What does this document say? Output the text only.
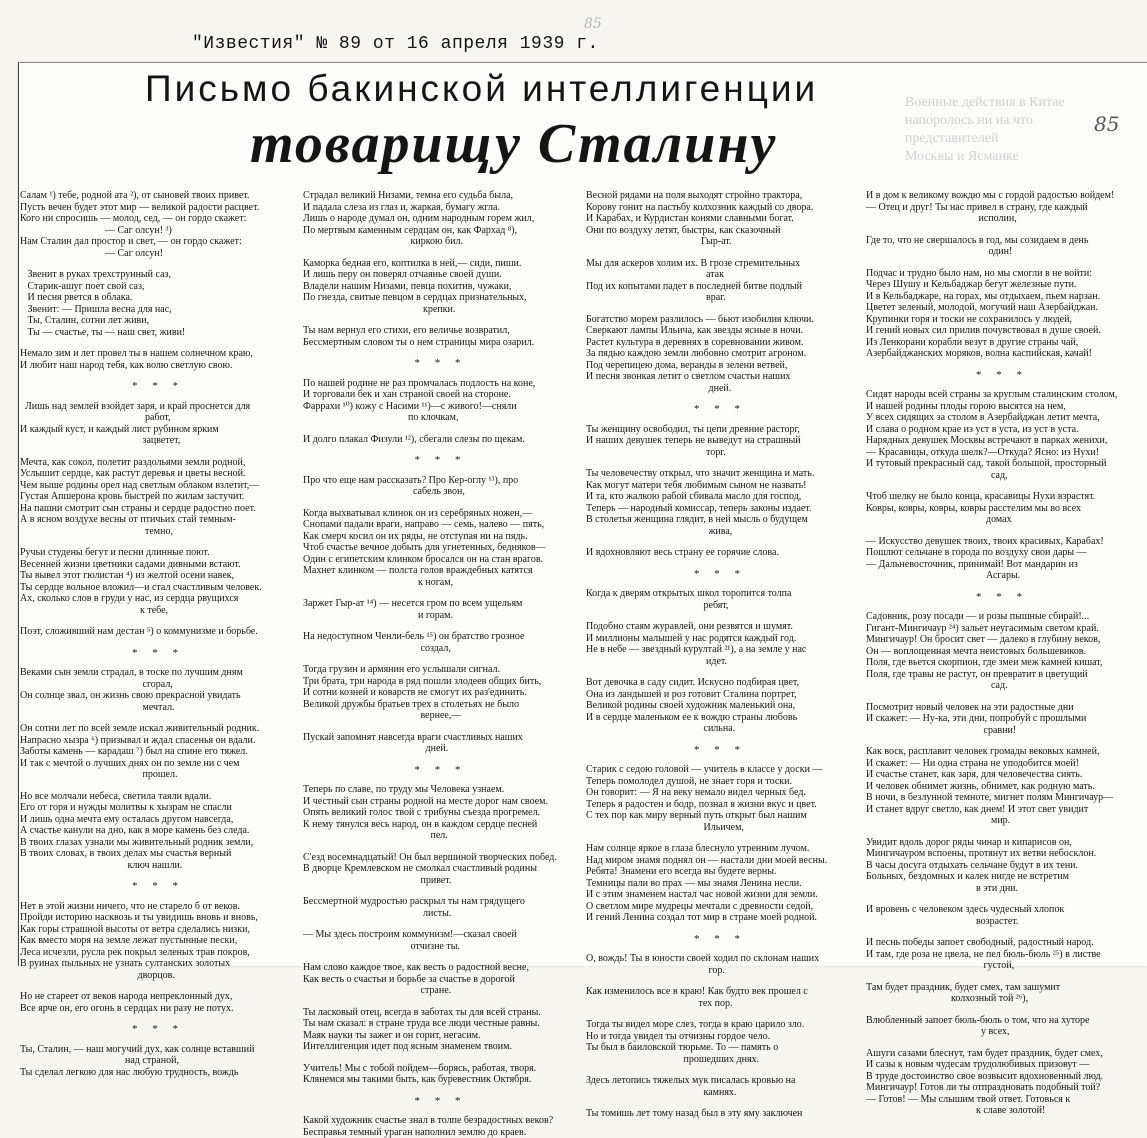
"Известия" № 89 от 16 апреля 1939 г.
85
85
Военные действия в Китае
напоролось ни на что
представителей
Москвы и Ясманке
Письмо бакинской интеллигенции
товарищу Сталину
Салам ¹) тебе, родной ата ²), от сыновей твоих привет.
Пусть вечен будет этот мир — великой радости расцвет.
Кого ни спросишь — молод, сед, — он гордо скажет:
— Саг олсун! ³)
Нам Сталин дал простор и свет, — он гордо скажет:
— Саг олсун!
Звенит в руках трехструнный саз,
Старик-ашуг поет свой саз,
И песня рвется в облака.
Звенит: — Пришла весна для нас,
Ты, Сталин, сотни лет живи,
Ты — счастье, ты — наш свет, живи!
Немало зим и лет провел ты в нашем солнечном краю,
И любит наш народ тебя, как волю светлую свою.
* * *
Лишь над землей взойдет заря, и край проснется для
работ,
И каждый куст, и каждый лист рубином ярким
зацветет,
Мечта, как сокол, полетит раздольями земли родной,
Услышит сердце, как растут деревья и цветы весной.
Чем выше родины орел над светлым облаком взлетит,—
Густая Апшерона кровь быстрей по жилам застучит.
На пашни смотрит сын страны и сердце радостно поет.
А в ясном воздухе весны от птичьих стай темным-
темно,
Ручьи студены бегут и песни длинные поют.
Весенней жизни цветники садами дивными встают.
Ты вывел этот гюлистан ⁴) из желтой осени навек,
Ты сердце вольное вложил—и стал счастливым человек.
Ах, сколько слов в груди у нас, из сердца рвущихся
к тебе,
Поэт, сложивший нам дестан ⁵) о коммунизме и борьбе.
* * *
Веками сын земли страдал, в тоске по лучшим дням
сгорал,
Он солнце звал, он жизнь свою прекрасной увидать
мечтал.
Он сотни лет по всей земле искал живительный родник.
Напрасно хызра ⁶) призывал и ждал спасенья он вдали.
Заботы камень — карадаш ⁷) был на спине его тяжел.
И так с мечтой о лучших днях он по земле ни с чем
прошел.
Но все молчали небеса, светила таяли вдали.
Его от горя и нужды молитвы к хызрам не спасли
И лишь одна мечта ему осталась другом навсегда,
А счастье канули на дно, как в море камень без следа.
В твоих глазах узнали мы живительный родник земли,
В твоих словах, в твоих делах мы счастья верный
ключ нашли.
* * *
Нет в этой жизни ничего, что не старело б от веков.
Пройди историю насквозь и ты увидишь вновь и вновь,
Как горы страшной высоты от ветра сделались низки,
Как вместо моря на земле лежат пустынные пески,
Леса исчезли, русла рек покрыл зеленых трав покров,
В руинах пыльных не узнать султанских золотых
дворцов.
Но не стареет от веков народа непреклонный дух,
Все ярче он, его огонь в сердцах ни разу не потух.
* * *
Ты, Сталин, — наш могучий дух, как солнце вставший
над страной,
Ты сделал легкою для нас любую трудность, вождь
Страдал великий Низами, темна его судьба была,
И падала слеза из глаз и, жаркая, бумагу жгла.
Лишь о народе думал он, одним народным горем жил,
По мертвым каменным сердцам он, как Фархад ⁸),
киркою бил.
Каморка бедная его, коптилка в ней,— сиди, пиши.
И лишь перу он поверял отчаянье своей души.
Владели нашим Низами, певца похитив, чужаки,
По гнездa, свитые певцом в сердцах признательных,
крепки.
Ты нам вернул его стихи, его величье возвратил,
Бессмертным словом ты о нем страницы мира озарил.
* * *
По нашей родине не раз промчалась подлость на коне,
И торговали бек и хан страной своей на стороне.
Фаррахи ¹⁰) кожу с Насими ¹¹)—с живого!—сняли
по клочкам,
И долго плакал Физули ¹²), сбегали слезы по щекам.
* * *
Про что еще нам рассказать? Про Кер-оглу ¹³), про
сабель звон,
Когда выхватывал клинок он из серебряных ножен,—
Снопами падали враги, направо — семь, налево — пять,
Как смерч косил он их ряды, не отступая ни на пядь.
Чтоб счастье вечное добыть для угнетенных, бедняков—
Один с египетским клинком бросался он на стан врагов.
Махнет клинком — полста голов враждебных катятся
к ногам,
Заржет Гыр-ат ¹⁴) — несется гром по всем ущельям
и горам.
На недоступном Ченли-бель ¹⁵) он братство грозное
создал,
Тогда грузин и армянин его услышали сигнал.
Три брата, три народа в ряд пошли злодеев общих бить,
И сотни козней и коварств не смогут их раз'единить.
Великой дружбы братьев трех в столетьях не было
вернее,—
Пускай запомнят навсегда враги счастливых наших
дней.
* * *
Теперь по славе, по труду мы Человека узнаем.
И честный сын страны родной на месте дорог нам своем.
Опять великий голос твой с трибуны съезда прогремел.
К нему тянулся весь народ, он в каждом сердце песней
пел.
С'езд восемнадцатый! Он был вершиной творческих побед.
В дворце Кремлевском не смолкал счастливый родины
привет.
Бессмертной мудростью раскрыл ты нам грядущего
листы.
— Мы здесь построим коммунизм!—сказал своей
отчизне ты.
Нам слово каждое твое, как весть о радостной весне,
Как весть о счастьи и борьбе за счастье в дорогой
стране.
Ты ласковый отец, всегда в заботах ты для всей страны.
Ты нам сказал: в стране труда все люди честные равны.
Маяк науки ты зажег и он горит, негасим.
Интеллигенция идет под ясным знаменем твоим.
Учитель! Мы с тобой пойдем—борясь, работая, творя.
Клянемся мы такими быть, как буревестник Октября.
* * *
Какой художник счастье знал в толпе безрадостных веков?
Бесправья темный ураган наполнил землю до краев.
Весной рядами на поля выходят стройно трактора,
Корову гонит на пастьбу колхозник каждый со двора.
И Карабах, и Курдистан конями славными богат.
Они по воздуху летят, быстры, как сказочный
Гыр-ат.
Мы для аскеров холим их. В грозе стремительных
атак
Под их копытами падет в последней битве подлый
враг.
Богатство морем разлилось — бьют изобилия ключи.
Сверкают лампы Ильича, как звезды ясные в ночи.
Растет культура в деревнях в соревновании живом.
За пядью каждою земли любовно смотрит агроном.
Под черепицею дома, веранды в зелени ветвей,
И песня звонкая летит о светлом счастьи наших
дней.
* * *
Ты женщину освободил, ты цепи древние расторг,
И наших девушек теперь не выведут на страшный
торг.
Ты человечеству открыл, что значит женщина и мать.
Как могут матери тебя любимым сыном не назвать!
И та, кто жалкою рабой сбивала масло для господ,
Теперь — народный комиссар, теперь законы издает.
В столетья женщина глядит, в ней мысль о будущем
жива,
И вдохновляют весь страну ее горячие слова.
* * *
Когда к дверям открытых школ торопится толпа
ребят,
Подобно стаям журавлей, они резвятся и шумят.
И миллионы малышей у нас родятся каждый год.
Не в небе — звездный курултай ²¹), а на земле у нас
идет.
Вот девочка в саду сидит. Искусно подбирая цвет,
Она из ландышей и роз готовит Сталина портрет,
Великой родины своей художник маленький она,
И в сердце маленьком ее к вождю страны любовь
сильна.
* * *
Старик с седою головой — учитель в классе у доски —
Теперь помолодел душой, не знает горя и тоски.
Он говорит: — Я на веку немало видел черных бед.
Теперь я радостен и бодр, познал я жизни вкус и цвет.
С тех пор как миру верный путь открыт был нашим
Ильичем,
Нам солнце яркое в глаза блеснуло утренним лучом.
Над миром знамя поднял он — настали дни моей весны.
Ребята! Знамени его всегда вы будете верны.
Темницы пали во прах — мы знамя Ленина несли.
И с этим знаменем настал час новой жизни для земли.
О светлом мире мудрецы мечтали с древности седой,
И гений Ленина создал тот мир в стране моей родной.
* * *
О, вождь! Ты в юности своей ходил по склонам наших
гор.
Как изменилось все в краю! Как будто век прошел с
тех пор.
Тогда ты видел море слез, тогда в краю царило зло.
Но и тогда увидел ты отчизны гордое чело.
Ты был в баиловской тюрьме. То — память о
прошедших днях.
Здесь летопись тяжелых мук писалась кровью на
камнях.
Ты томишь лет тому назад был в эту яму заключен
И в дом к великому вождю мы с гордой радостью войдем!
— Отец и друг! Ты нас привел в страну, где каждый
исполин,
Где то, что не свершалось в год, мы созидаем в день
один!
Подчас и трудно было нам, но мы смогли в не войти:
Через Шушу и Кельбаджар бегут железные пути.
И в Кельбаджаре, на горах, мы отдыхаем, пьем нарзан.
Цветет зеленый, молодой, могучий наш Азербайджан.
Крупинки горя и тоски не сохранилось у людей,
И гений новых сил прилив почувствовал в душе своей.
Из Ленкорани корабли везут в другие страны чай,
Азербайджанских моряков, волна каспийская, качай!
* * *
Сидят народы всей страны за круглым сталинским столом,
И нашей родины плоды горою высятся на нем,
У всех сидящих за столом в Азербайджан летит мечта,
И слава о родном крае из уст в уста, из уст в уста.
Нарядных девушек Москвы встречают в парках женихи,
— Красавицы, откуда шелк?—Откуда? Ясно: из Нухи!
И тутовый прекрасный сад, такой большой, просторный
сад,
Чтоб шелку не было конца, красавицы Нухи взрастят.
Ковры, ковры, ковры, ковры расстелим мы во всех
домах
— Искусство девушек твоих, твоих красивых, Карабах!
Пошлют сельчане в города по воздуху свои дары —
— Дальневосточник, принимай! Вот мандарин из
Асгары.
* * *
Садовник, розу посади — и розы пышные сбирай!...
Гигант-Мингичаур ²⁴) зальет неугасимым светом край.
Мингичаур! Он бросит свет — далеко в глубину веков,
Он — воплощенная мечта неистовых большевиков.
Поля, где вьется скорпион, где змеи меж камней кишат,
Поля, где травы не растут, он превратит в цветущий
сад.
Посмотрит новый человек на эти радостные дни
И скажет: — Ну-ка, эти дни, попробуй с прошлыми
сравни!
Как воск, расплавит человек громады вековых камней,
И скажет: — Ни одна страна не уподобится моей!
И счастье станет, как заря, для человечества сиять.
И человек обнимет жизнь, обнимет, как родную мать.
В ночи, в безлунной темноте, мигнет полям Мингичаур—
И станет вдруг светло, как днем! И этот свет увидит
мир.
Увидит вдоль дорог ряды чинар и кипарисов он,
Мингичауром вспоены, протянут их ветви небосклон.
В часы досуга отдыхать сельчане будут в их тени.
Больных, бездомных и калек нигде не встретим
в эти дни.
И вровень с человеком здесь чудесный хлопок
возрастет.
И песнь победы запоет свободный, радостный народ.
И там, где роза не цвела, не пел бюль-бюль ²⁵) в листве
густой,
Там будет праздник, будет смех, там зашумит
колхозный той ²⁶),
Влюбленный запоет бюль-бюль о том, что на хуторе
у всех,
Ашуги сазами блеснут, там будет праздник, будет смех,
И сазы к новым чудесам трудолюбивых призовут —
В труде достоинство свое возвысит вдохновенный люд.
Мингичаур! Готов ли ты отпраздновать подобный той?
— Готов! — Мы слышим твой ответ. Готовься к
к славе золотой!
